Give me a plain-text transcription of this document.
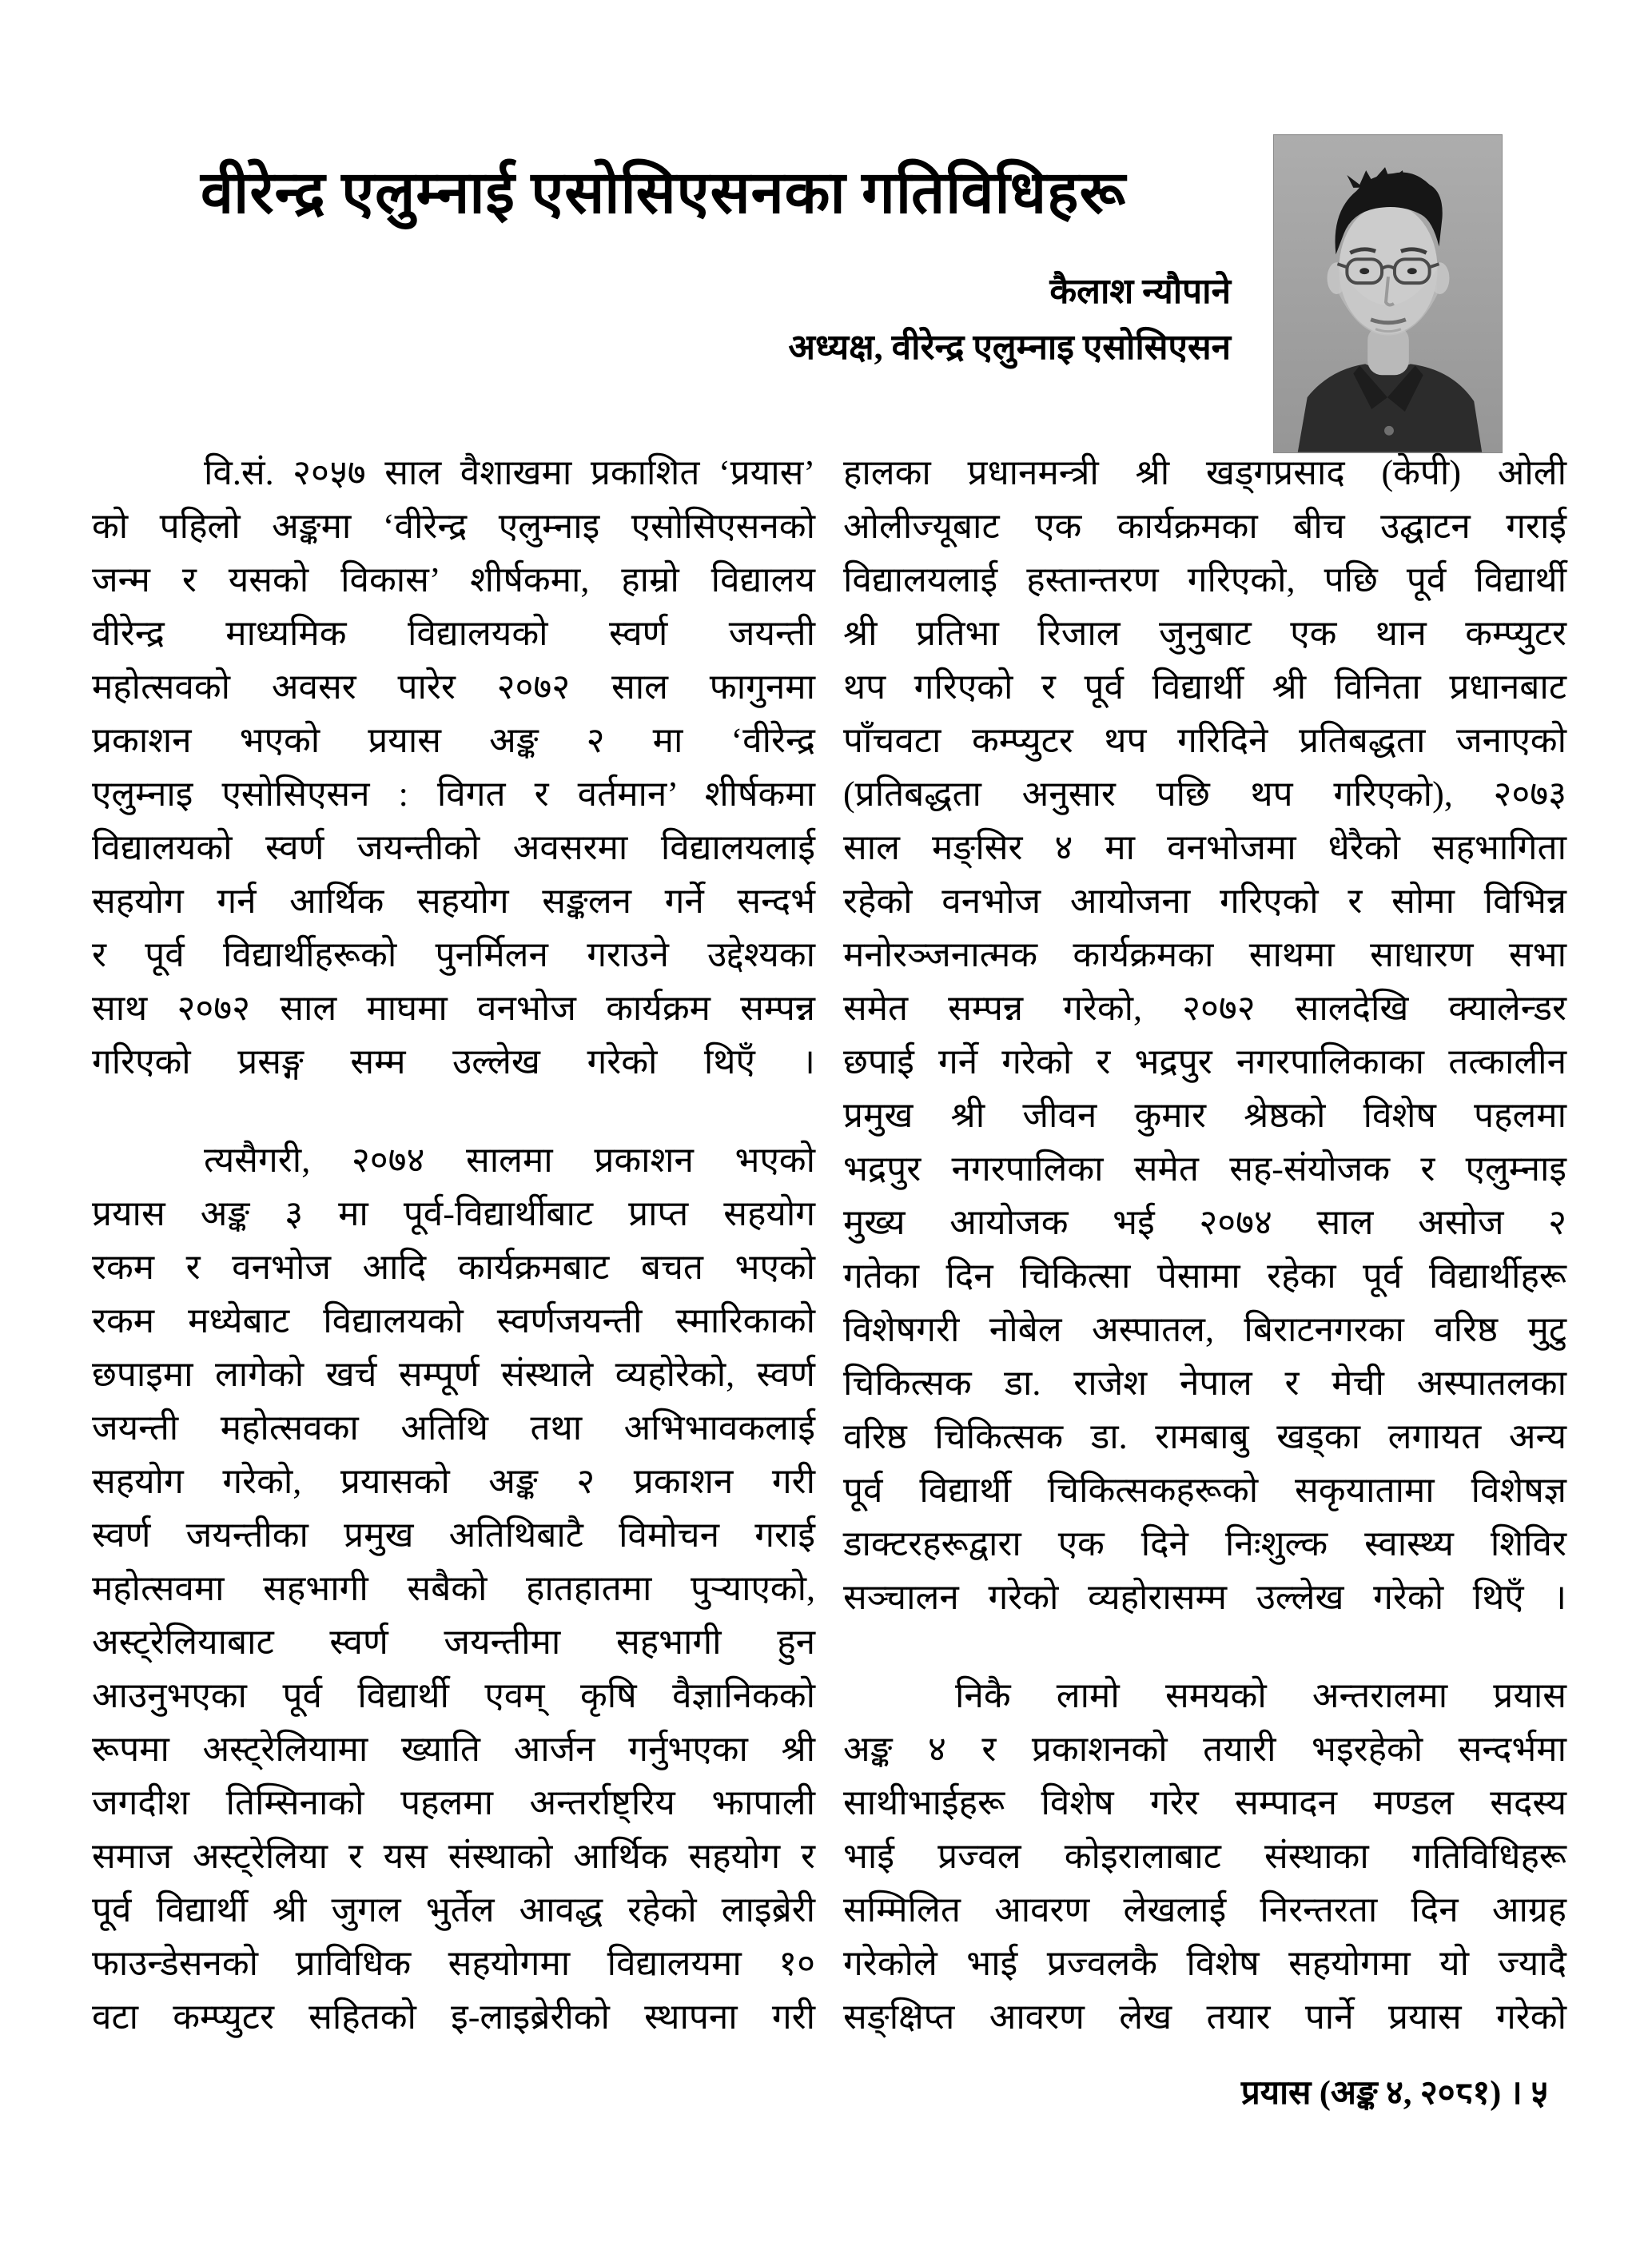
वीरेन्द्र एलुम्नाई एसोसिएसनका गतिविधिहरू
कैलाश न्यौपाने
अध्यक्ष, वीरेन्द्र एलुम्नाइ एसोसिएसन
वि.सं. २०५७ साल वैशाखमा प्रकाशित ‘प्रयास’
को पहिलो अङ्कमा ‘वीरेन्द्र एलुम्नाइ एसोसिएसनको
जन्म र यसको विकास’ शीर्षकमा, हाम्रो विद्यालय
वीरेन्द्र माध्यमिक विद्यालयको स्वर्ण जयन्ती
महोत्सवको अवसर पारेर २०७२ साल फागुनमा
प्रकाशन भएको प्रयास अङ्क २ मा ‘वीरेन्द्र
एलुम्नाइ एसोसिएसन : विगत र वर्तमान’ शीर्षकमा
विद्यालयको स्वर्ण जयन्तीको अवसरमा विद्यालयलाई
सहयोग गर्न आर्थिक सहयोग सङ्कलन गर्ने सन्दर्भ
र पूर्व विद्यार्थीहरूको पुनर्मिलन गराउने उद्देश्यका
साथ २०७२ साल माघमा वनभोज कार्यक्रम सम्पन्न
गरिएको प्रसङ्ग सम्म उल्लेख गरेको थिएँ ।
त्यसैगरी, २०७४ सालमा प्रकाशन भएको
प्रयास अङ्क ३ मा पूर्व-विद्यार्थीबाट प्राप्त सहयोग
रकम र वनभोज आदि कार्यक्रमबाट बचत भएको
रकम मध्येबाट विद्यालयको स्वर्णजयन्ती स्मारिकाको
छपाइमा लागेको खर्च सम्पूर्ण संस्थाले व्यहोरेको, स्वर्ण
जयन्ती महोत्सवका अतिथि तथा अभिभावकलाई
सहयोग गरेको, प्रयासको अङ्क २ प्रकाशन गरी
स्वर्ण जयन्तीका प्रमुख अतिथिबाटै विमोचन गराई
महोत्सवमा सहभागी सबैको हातहातमा पुऱ्याएको,
अस्ट्रेलियाबाट स्वर्ण जयन्तीमा सहभागी हुन
आउनुभएका पूर्व विद्यार्थी एवम् कृषि वैज्ञानिकको
रूपमा अस्ट्रेलियामा ख्याति आर्जन गर्नुभएका श्री
जगदीश तिम्सिनाको पहलमा अन्तर्राष्ट्रिय झापाली
समाज अस्ट्रेलिया र यस संस्थाको आर्थिक सहयोग र
पूर्व विद्यार्थी श्री जुगल भुर्तेल आवद्ध रहेको लाइब्रेरी
फाउन्डेसनको प्राविधिक सहयोगमा विद्यालयमा १०
वटा कम्प्युटर सहितको इ-लाइब्रेरीको स्थापना गरी
हालका प्रधानमन्त्री श्री खड्गप्रसाद (केपी) ओली
ओलीज्यूबाट एक कार्यक्रमका बीच उद्घाटन गराई
विद्यालयलाई हस्तान्तरण गरिएको, पछि पूर्व विद्यार्थी
श्री प्रतिभा रिजाल जुनुबाट एक थान कम्प्युटर
थप गरिएको र पूर्व विद्यार्थी श्री विनिता प्रधानबाट
पाँचवटा कम्प्युटर थप गरिदिने प्रतिबद्धता जनाएको
(प्रतिबद्धता अनुसार पछि थप गरिएको), २०७३
साल मङ्सिर ४ मा वनभोजमा धेरैको सहभागिता
रहेको वनभोज आयोजना गरिएको र सोमा विभिन्न
मनोरञ्जनात्मक कार्यक्रमका साथमा साधारण सभा
समेत सम्पन्न गरेको, २०७२ सालदेखि क्यालेन्डर
छपाई गर्ने गरेको र भद्रपुर नगरपालिकाका तत्कालीन
प्रमुख श्री जीवन कुमार श्रेष्ठको विशेष पहलमा
भद्रपुर नगरपालिका समेत सह-संयोजक र एलुम्नाइ
मुख्य आयोजक भई २०७४ साल असोज २
गतेका दिन चिकित्सा पेसामा रहेका पूर्व विद्यार्थीहरू
विशेषगरी नोबेल अस्पातल, बिराटनगरका वरिष्ठ मुटु
चिकित्सक डा. राजेश नेपाल र मेची अस्पातलका
वरिष्ठ चिकित्सक डा. रामबाबु खड्का लगायत अन्य
पूर्व विद्यार्थी चिकित्सकहरूको सकृयातामा विशेषज्ञ
डाक्टरहरूद्वारा एक दिने निःशुल्क स्वास्थ्य शिविर
सञ्चालन गरेको व्यहोरासम्म उल्लेख गरेको थिएँ ।
निकै लामो समयको अन्तरालमा प्रयास
अङ्क ४ र प्रकाशनको तयारी भइरहेको सन्दर्भमा
साथीभाईहरू विशेष गरेर सम्पादन मण्डल सदस्य
भाई प्रज्वल कोइरालाबाट संस्थाका गतिविधिहरू
सम्मिलित आवरण लेखलाई निरन्तरता दिन आग्रह
गरेकोले भाई प्रज्वलकै विशेष सहयोगमा यो ज्यादै
सङ्क्षिप्त आवरण लेख तयार पार्ने प्रयास गरेको
प्रयास (अङ्क ४, २०८१) । ५
